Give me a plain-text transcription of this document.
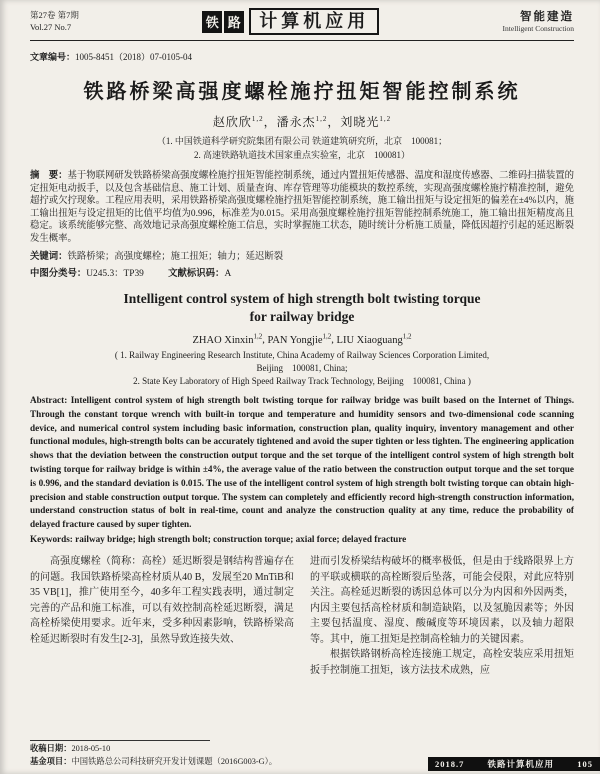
第27卷 第7期
Vol.27 No.7	铁 路	计算机应用	智能建造
Intelligent Construction
文章编号：1005-8451（2018）07-0105-04
铁路桥梁高强度螺栓施拧扭矩智能控制系统
赵欣欣$^{1,2}$，潘永杰$^{1,2}$，刘晓光$^{1,2}$
（1. 中国铁道科学研究院集团有限公司 铁道建筑研究所，北京　100081；
2. 高速铁路轨道技术国家重点实验室，北京　100081）
摘　要：基于物联网研发铁路桥梁高强度螺栓施拧扭矩智能控制系统，通过内置扭矩传感器、温度和湿度传感器、二维码扫描装置的定扭矩电动扳手，以及包含基础信息、施工计划、质量查询、库存管理等功能模块的数控系统，实现高强度螺栓施拧精准控制，避免超拧或欠拧现象。工程应用表明，采用铁路桥梁高强度螺栓施拧扭矩智能控制系统，施工输出扭矩与设定扭矩的偏差在±4%以内，施工输出扭矩与设定扭矩的比值平均值为0.996，标准差为0.015。采用高强度螺栓施拧扭矩智能控制系统施工，施工输出扭矩精度高且稳定。该系统能够完整、高效地记录高强度螺栓施工信息，实时掌握施工状态，随时统计分析施工质量，降低因超拧引起的延迟断裂发生概率。
关键词：铁路桥梁；高强度螺栓；施工扭矩；轴力；延迟断裂
中图分类号：U245.3：TP39	文献标识码：A
Intelligent control system of high strength bolt twisting torque
for railway bridge
ZHAO Xinxin$^{1,2}$, PAN Yongjie$^{1,2}$, LIU Xiaoguang$^{1,2}$
( 1. Railway Engineering Research Institute, China Academy of Railway Sciences Corporation Limited,
Beijing　100081, China;
2. State Key Laboratory of High Speed Railway Track Technology, Beijing　100081, China )
Abstract: Intelligent control system of high strength bolt twisting torque for railway bridge was built based on the Internet of Things. Through the constant torque wrench with built-in torque and temperature and humidity sensors and two-dimensional code scanning device, and numerical control system including basic information, construction plan, quality inquiry, inventory management and other functional modules, high-strength bolts can be accurately tightened and avoid the super tighten or less tighten. The engineering application shows that the deviation between the construction output torque and the set torque of the intelligent control system of high strength bolt twisting torque for railway bridge is within ±4%, the average value of the ratio between the construction output torque and the set torque is 0.996, and the standard deviation is 0.015. The use of the intelligent control system of high strength bolt twisting torque can obtain high-precision and stable construction output torque. The system can completely and efficiently record high-strength construction information, understand construction status of bolt in real-time, count and analyze the construction quality at any time, reduce the probability of delayed fracture caused by super tighten.
Keywords: railway bridge; high strength bolt; construction torque; axial force; delayed fracture
高强度螺栓（简称：高栓）延迟断裂是钢结构普遍存在的问题。我国铁路桥梁高栓材质从40 B，发展至20 MnTiB和35 VB[1]，推广使用至今，40多年工程实践表明，通过制定完善的产品和施工标准，可以有效控制高栓延迟断裂，满足高栓桥梁使用要求。近年来，受多种因素影响，铁路桥梁高栓延迟断裂时有发生[2-3]，虽然导致连接失效、
进而引发桥梁结构破坏的概率极低，但是由于线路限界上方的平联或横联的高栓断裂后坠落，可能会侵限，对此应特别关注。高栓延迟断裂的诱因总体可以分为内因和外因两类，内因主要包括高栓材质和制造缺陷，以及氢脆因素等；外因主要包括温度、湿度、酸碱度等环境因素，以及轴力超限等。其中，施工扭矩是控制高栓轴力的关键因素。
根据铁路钢桥高栓连接施工规定，高栓安装应采用扭矩扳手控制施工扭矩，该方法技术成熟，应
收稿日期：2018-05-10
基金项目：中国铁路总公司科技研究开发计划课题（2016G003-G）。	2018.7	铁路计算机应用	105
